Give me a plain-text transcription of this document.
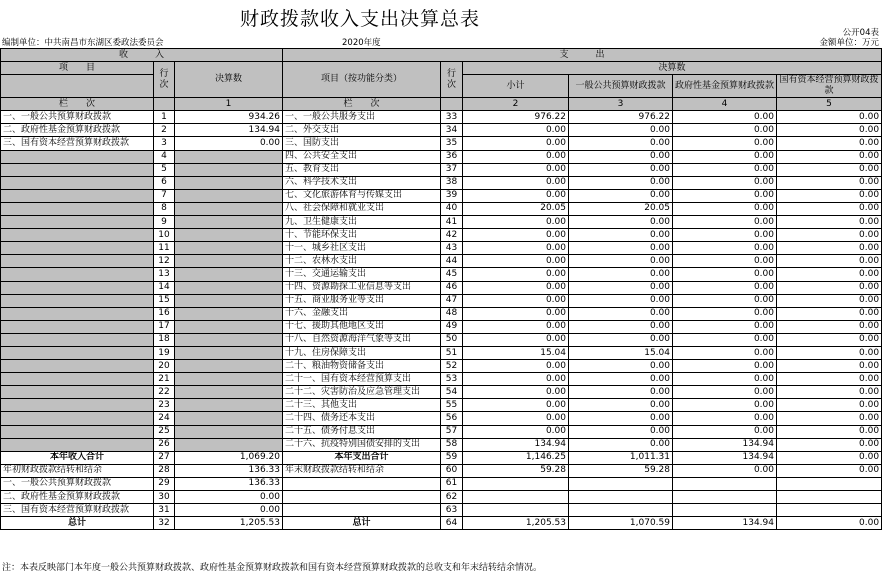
财政拨款收入支出决算总表
公开04表
编制单位：中共南昌市东湖区委政法委员会	2020年度	金额单位：万元
收　　　入			支　　　出					
项　　目	行次	决算数	项目（按功能分类）	行次	决算数			
					小计	一般公共预算财政拨款	政府性基金预算财政拨款	国有资本经营预算财政拨款

栏　　次		1	栏　　次		2	3	4	5
一、一般公共预算财政拨款	1	934.26	一、一般公共服务支出	33	976.22	976.22	0.00	0.00
二、政府性基金预算财政拨款	2	134.94	二、外交支出	34	0.00	0.00	0.00	0.00
三、国有资本经营预算财政拨款	3	0.00	三、国防支出	35	0.00	0.00	0.00	0.00
	4		四、公共安全支出	36	0.00	0.00	0.00	0.00
	5		五、教育支出	37	0.00	0.00	0.00	0.00
	6		六、科学技术支出	38	0.00	0.00	0.00	0.00
	7		七、文化旅游体育与传媒支出	39	0.00	0.00	0.00	0.00
	8		八、社会保障和就业支出	40	20.05	20.05	0.00	0.00
	9		九、卫生健康支出	41	0.00	0.00	0.00	0.00
	10		十、节能环保支出	42	0.00	0.00	0.00	0.00
	11		十一、城乡社区支出	43	0.00	0.00	0.00	0.00
	12		十二、农林水支出	44	0.00	0.00	0.00	0.00
	13		十三、交通运输支出	45	0.00	0.00	0.00	0.00
	14		十四、资源勘探工业信息等支出	46	0.00	0.00	0.00	0.00
	15		十五、商业服务业等支出	47	0.00	0.00	0.00	0.00
	16		十六、金融支出	48	0.00	0.00	0.00	0.00
	17		十七、援助其他地区支出	49	0.00	0.00	0.00	0.00
	18		十八、自然资源海洋气象等支出	50	0.00	0.00	0.00	0.00
	19		十九、住房保障支出	51	15.04	15.04	0.00	0.00
	20		二十、粮油物资储备支出	52	0.00	0.00	0.00	0.00
	21		二十一、国有资本经营预算支出	53	0.00	0.00	0.00	0.00
	22		二十二、灾害防治及应急管理支出	54	0.00	0.00	0.00	0.00
	23		二十三、其他支出	55	0.00	0.00	0.00	0.00
	24		二十四、债务还本支出	56	0.00	0.00	0.00	0.00
	25		二十五、债务付息支出	57	0.00	0.00	0.00	0.00
	26		二十六、抗疫特别国债安排的支出	58	134.94	0.00	134.94	0.00
本年收入合计	27	1,069.20	本年支出合计	59	1,146.25	1,011.31	134.94	0.00
年初财政拨款结转和结余	28	136.33	年末财政拨款结转和结余	60	59.28	59.28	0.00	0.00
一、一般公共预算财政拨款	29	136.33		61				
二、政府性基金预算财政拨款	30	0.00		62				
三、国有资本经营预算财政拨款	31	0.00		63				
总计	32	1,205.53	总计	64	1,205.53	1,070.59	134.94	0.00
注：本表反映部门本年度一般公共预算财政拨款、政府性基金预算财政拨款和国有资本经营预算财政拨款的总收支和年末结转结余情况。
